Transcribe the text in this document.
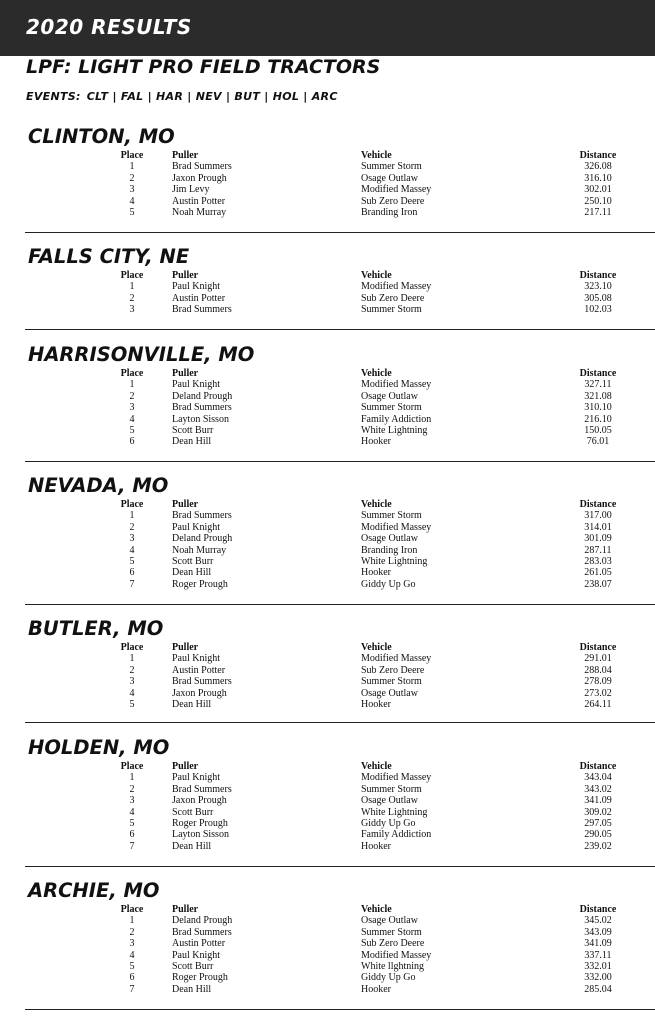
2020 RESULTS
LPF: LIGHT PRO FIELD TRACTORS
EVENTS: CLT | FAL | HAR | NEV | BUT | HOL | ARC
CLINTON, MO
Place	Puller	Vehicle	Distance
1	Brad Summers	Summer Storm	326.08
2	Jaxon Prough	Osage Outlaw	316.10
3	Jim Levy	Modified Massey	302.01
4	Austin Potter	Sub Zero Deere	250.10
5	Noah Murray	Branding Iron	217.11
FALLS CITY, NE
Place	Puller	Vehicle	Distance
1	Paul Knight	Modified Massey	323.10
2	Austin Potter	Sub Zero Deere	305.08
3	Brad Summers	Summer Storm	102.03
HARRISONVILLE, MO
Place	Puller	Vehicle	Distance
1	Paul Knight	Modified Massey	327.11
2	Deland Prough	Osage Outlaw	321.08
3	Brad Summers	Summer Storm	310.10
4	Layton Sisson	Family Addiction	216.10
5	Scott Burr	White Lightning	150.05
6	Dean Hill	Hooker	76.01
NEVADA, MO
Place	Puller	Vehicle	Distance
1	Brad Summers	Summer Storm	317.00
2	Paul Knight	Modified Massey	314.01
3	Deland Prough	Osage Outlaw	301.09
4	Noah Murray	Branding Iron	287.11
5	Scott Burr	White Lightning	283.03
6	Dean Hill	Hooker	261.05
7	Roger Prough	Giddy Up Go	238.07
BUTLER, MO
Place	Puller	Vehicle	Distance
1	Paul Knight	Modified Massey	291.01
2	Austin Potter	Sub Zero Deere	288.04
3	Brad Summers	Summer Storm	278.09
4	Jaxon Prough	Osage Outlaw	273.02
5	Dean Hill	Hooker	264.11
HOLDEN, MO
Place	Puller	Vehicle	Distance
1	Paul Knight	Modified Massey	343.04
2	Brad Summers	Summer Storm	343.02
3	Jaxon Prough	Osage Outlaw	341.09
4	Scott Burr	White Lightning	309.02
5	Roger Prough	Giddy Up Go	297.05
6	Layton Sisson	Family Addiction	290.05
7	Dean Hill	Hooker	239.02
ARCHIE, MO
Place	Puller	Vehicle	Distance
1	Deland Prough	Osage Outlaw	345.02
2	Brad Summers	Summer Storm	343.09
3	Austin Potter	Sub Zero Deere	341.09
4	Paul Knight	Modified Massey	337.11
5	Scott Burr	White llghtning	332.01
6	Roger Prough	Giddy Up Go	332.00
7	Dean Hill	Hooker	285.04
